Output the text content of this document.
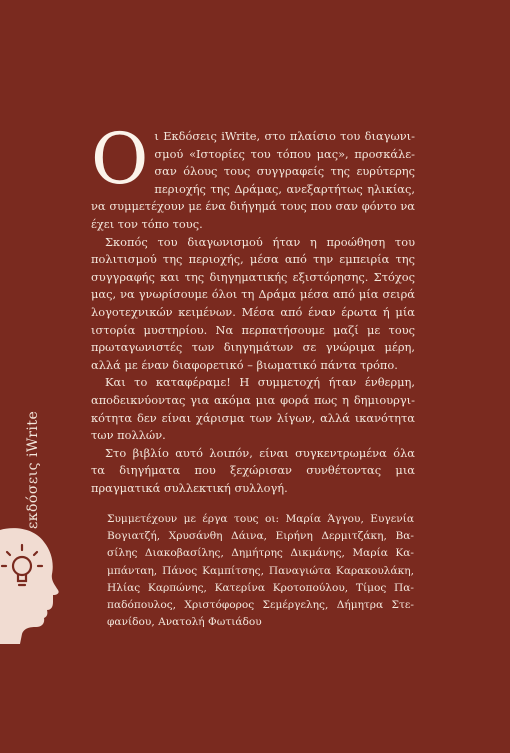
εκδόσεις iWrite

Οι Εκδόσεις iWrite, στο πλαίσιο του διαγωνισμού «Ιστορίες του τόπου μας», προσκάλεσαν όλους τους συγγραφείς της ευρύτερης περιοχής της Δράμας, ανεξαρτήτως ηλικίας, να συμμετέχουν με ένα διήγημά τους που σαν φόντο να έχει τον τόπο τους.

Σκοπός του διαγωνισμού ήταν η προώθηση του πολιτισμού της περιοχής, μέσα από την εμπειρία της συγγραφής και της διηγηματικής εξιστόρησης. Στόχος μας, να γνωρίσουμε όλοι τη Δράμα μέσα από μία σειρά λογοτεχνικών κειμένων. Μέσα από έναν έρωτα ή μία ιστορία μυστηρίου. Να περπατήσουμε μαζί με τους πρωταγωνιστές των διηγημάτων σε γνώριμα μέρη, αλλά με έναν διαφορετικό – βιωματικό πάντα τρόπο.

Και το καταφέραμε! Η συμμετοχή ήταν ένθερμη, αποδεικνύοντας για ακόμα μια φορά πως η δημιουργικότητα δεν είναι χάρισμα των λίγων, αλλά ικανότητα των πολλών.

Στο βιβλίο αυτό λοιπόν, είναι συγκεντρωμένα όλα τα διηγήματα που ξεχώρισαν συνθέτοντας μια πραγματικά συλλεκτική συλλογή.

Συμμετέχουν με έργα τους οι: Μαρία Άγγου, Ευγενία Βογιατζή, Χρυσάνθη Δάινα, Ειρήνη Δερμιτζάκη, Βασίλης Διακοβασίλης, Δημήτρης Δικμάνης, Μαρία Καμπάνταη, Πάνος Καμπίτσης, Παναγιώτα Καρακουλάκη, Ηλίας Καρπώνης, Κατερίνα Κροτοπούλου, Τίμος Παπαδόπουλος, Χριστόφορος Σεμέργελης, Δήμητρα Στεφανίδου, Ανατολή Φωτιάδου
